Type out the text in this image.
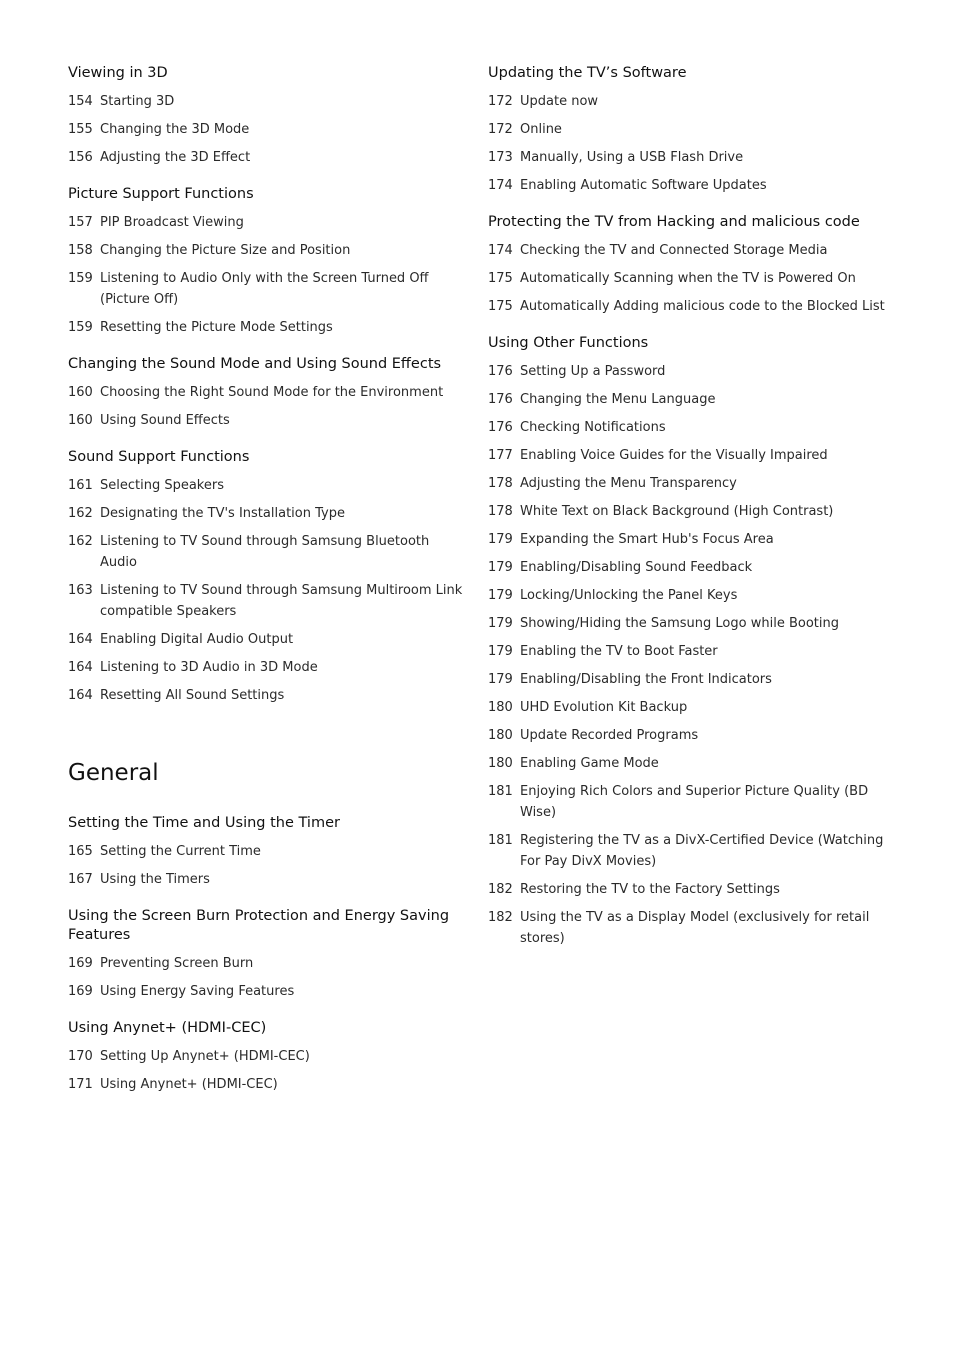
Viewing in 3D
154 Starting 3D
155 Changing the 3D Mode
156 Adjusting the 3D Effect
Picture Support Functions
157 PIP Broadcast Viewing
158 Changing the Picture Size and Position
159 Listening to Audio Only with the Screen Turned Off (Picture Off)
159 Resetting the Picture Mode Settings
Changing the Sound Mode and Using Sound Effects
160 Choosing the Right Sound Mode for the Environment
160 Using Sound Effects
Sound Support Functions
161 Selecting Speakers
162 Designating the TV's Installation Type
162 Listening to TV Sound through Samsung Bluetooth Audio
163 Listening to TV Sound through Samsung Multiroom Link compatible Speakers
164 Enabling Digital Audio Output
164 Listening to 3D Audio in 3D Mode
164 Resetting All Sound Settings
General
Setting the Time and Using the Timer
165 Setting the Current Time
167 Using the Timers
Using the Screen Burn Protection and Energy Saving Features
169 Preventing Screen Burn
169 Using Energy Saving Features
Using Anynet+ (HDMI-CEC)
170 Setting Up Anynet+ (HDMI-CEC)
171 Using Anynet+ (HDMI-CEC)
Updating the TV’s Software
172 Update now
172 Online
173 Manually, Using a USB Flash Drive
174 Enabling Automatic Software Updates
Protecting the TV from Hacking and malicious code
174 Checking the TV and Connected Storage Media
175 Automatically Scanning when the TV is Powered On
175 Automatically Adding malicious code to the Blocked List
Using Other Functions
176 Setting Up a Password
176 Changing the Menu Language
176 Checking Notifications
177 Enabling Voice Guides for the Visually Impaired
178 Adjusting the Menu Transparency
178 White Text on Black Background (High Contrast)
179 Expanding the Smart Hub's Focus Area
179 Enabling/Disabling Sound Feedback
179 Locking/Unlocking the Panel Keys
179 Showing/Hiding the Samsung Logo while Booting
179 Enabling the TV to Boot Faster
179 Enabling/Disabling the Front Indicators
180 UHD Evolution Kit Backup
180 Update Recorded Programs
180 Enabling Game Mode
181 Enjoying Rich Colors and Superior Picture Quality (BD Wise)
181 Registering the TV as a DivX-Certified Device (Watching For Pay DivX Movies)
182 Restoring the TV to the Factory Settings
182 Using the TV as a Display Model (exclusively for retail stores)
